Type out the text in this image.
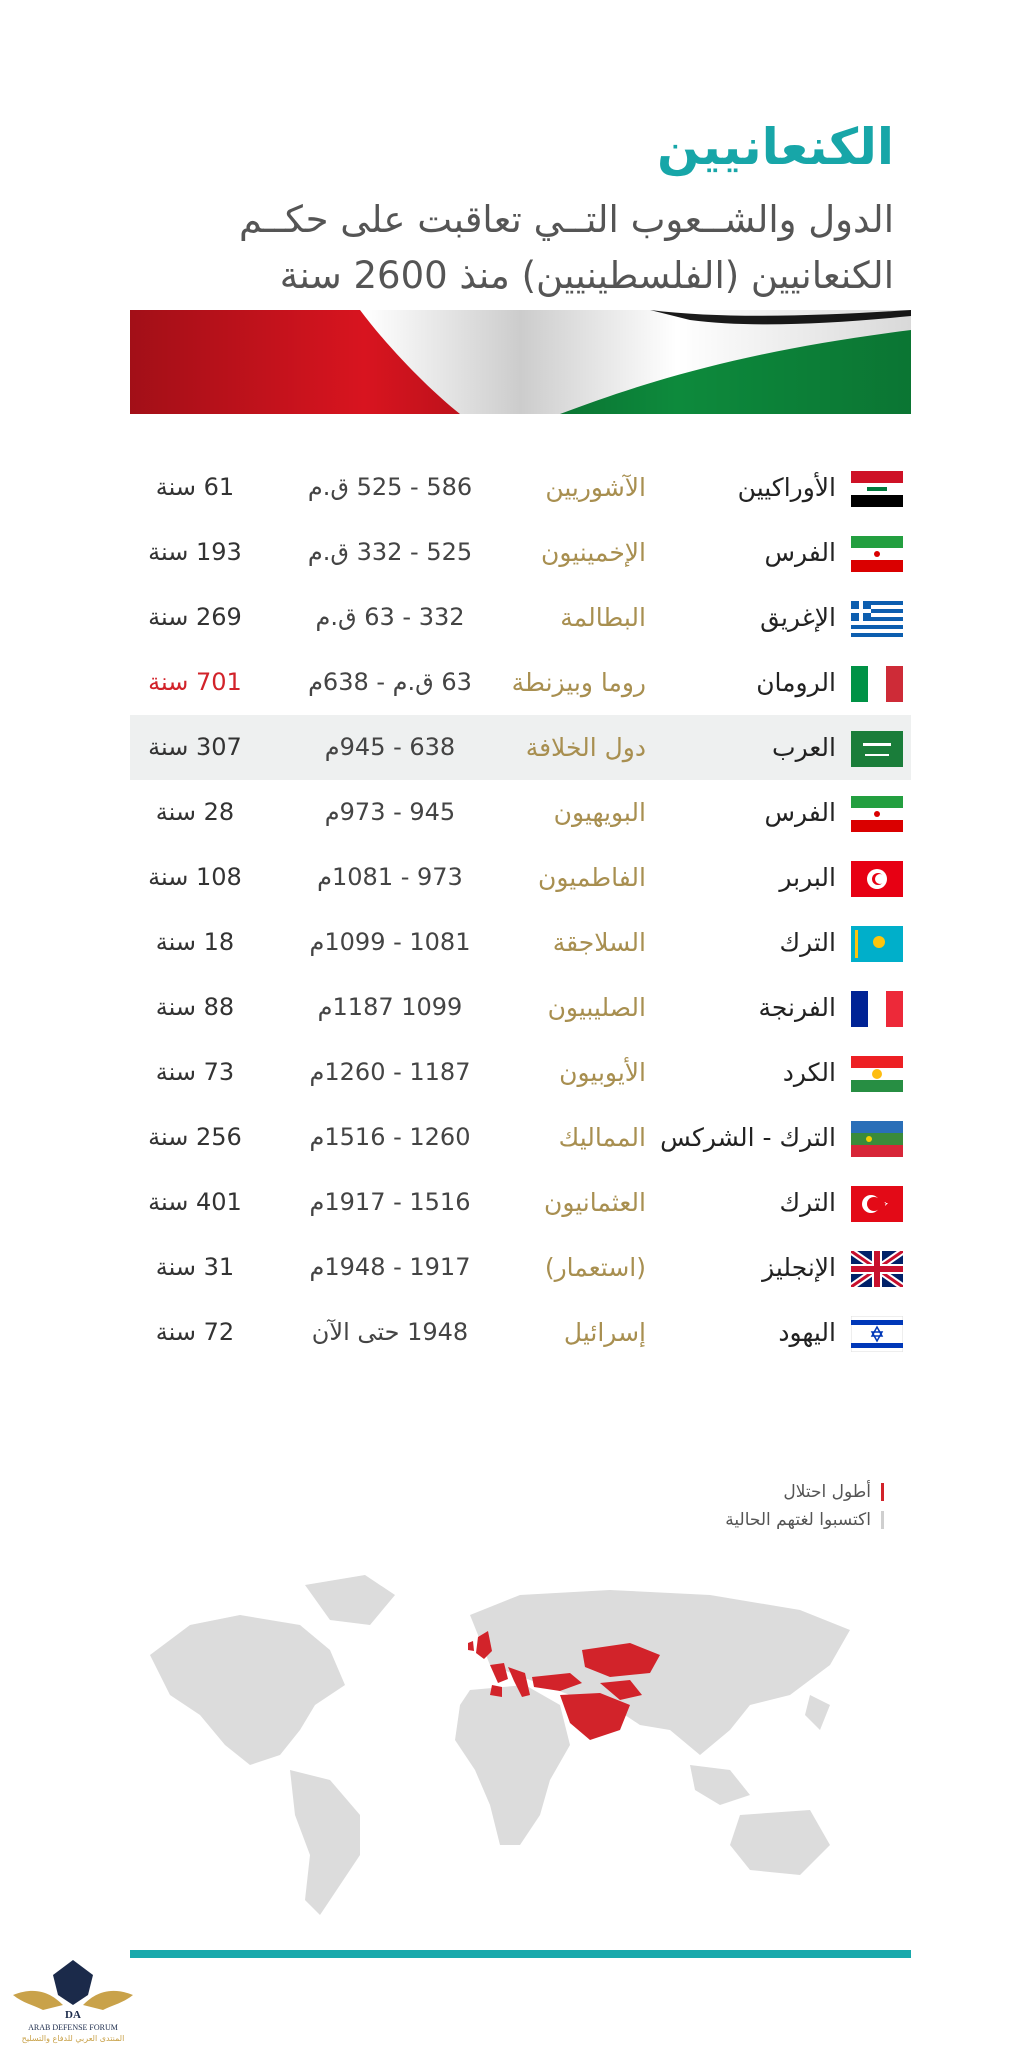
الكنعانيين
الدول والشــعوب التــي تعاقبت على حكــم الكنعانيين (الفلسطينيين) منذ 2600 سنة
الأوراكيين
الآشوريين
586 - 525 ق.م
61 سنة
الفرس
الإخمينيون
525 - 332 ق.م
193 سنة
الإغريق
البطالمة
332 - 63 ق.م
269 سنة
الرومان
روما وبيزنطة
63 ق.م - 638م
701 سنة
العرب
دول الخلافة
638 - 945م
307 سنة
الفرس
البويهيون
945 - 973م
28 سنة
البربر
الفاطميون
973 - 1081م
108 سنة
الترك
السلاجقة
1081 - 1099م
18 سنة
الفرنجة
الصليبيون
1099 1187م
88 سنة
الكرد
الأيوبيون
1187 - 1260م
73 سنة
الترك - الشركس
المماليك
1260 - 1516م
256 سنة
الترك
العثمانيون
1516 - 1917م
401 سنة
الإنجليز
(استعمار)
1917 - 1948م
31 سنة
اليهود
إسرائيل
1948 حتى الآن
72 سنة
أطول احتلال
اكتسبوا لغتهم الحالية
DA
ARAB DEFENSE FORUM
المنتدى العربي للدفاع والتسليح
